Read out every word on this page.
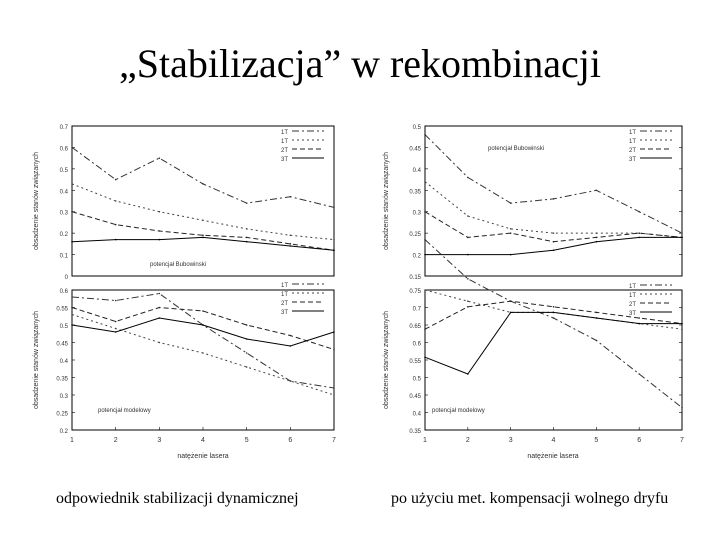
„Stabilizacja” w rekombinacji
0
0.1
0.2
0.3
0.4
0.5
0.6
0.7
obsadzenie stanów związanych
1T
1T
2T
3T
potencjał Bubowinski
0.2
0.25
0.3
0.35
0.4
0.45
0.5
0.55
0.6
1	2	3	4	5	6	7
natężenie lasera
obsadzenie stanów związanych
1T
1T
2T
3T
potencjał modelowy
0.15
0.2
0.25
0.3
0.35
0.4
0.45
0.5
obsadzenie stanów związanych
1T
1T
2T
3T
potencjał Bubowinski
0.35
0.4
0.45
0.5
0.55
0.6
0.65
0.7
0.75
1	2	3	4	5	6	7
natężenie lasera
obsadzenie stanów związanych
1T
1T
2T
3T
potencjał modelowy
odpowiednik stabilizacji dynamicznej	po użyciu met. kompensacji wolnego dryfu
